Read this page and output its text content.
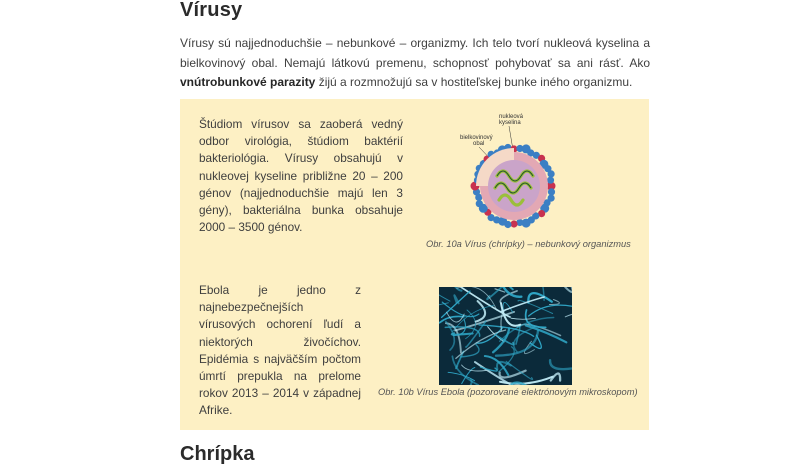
Vírusy

Vírusy sú najjednoduchšie – nebunkové – organizmy. Ich telo tvorí nukleová kyselina a bielkovinový obal. Nemajú látkovú premenu, schopnosť pohybovať sa ani rásť. Ako vnútrobunkové parazity žijú a rozmnožujú sa v hostiteľskej bunke iného organizmu.

Štúdiom vírusov sa zaoberá vedný odbor virológia, štúdiom baktérií bakteriológia. Vírusy obsahujú v nukleovej kyseline približne 20 – 200 génov (najjednoduchšie majú len 3 gény), bakteriálna bunka obsahuje 2000 – 3500 génov.

nukleová
kyselina
bielkovinový
obal

Obr. 10a Vírus (chrípky) – nebunkový organizmus

Ebola je jedno z najnebezpečnejších vírusových ochorení ľudí a niektorých živočíchov. Epidémia s najväčším počtom úmrtí prepukla na prelome rokov 2013 – 2014 v západnej Afrike.

Obr. 10b Vírus Ebola (pozorované elektrónovým mikroskopom)

Chrípka
